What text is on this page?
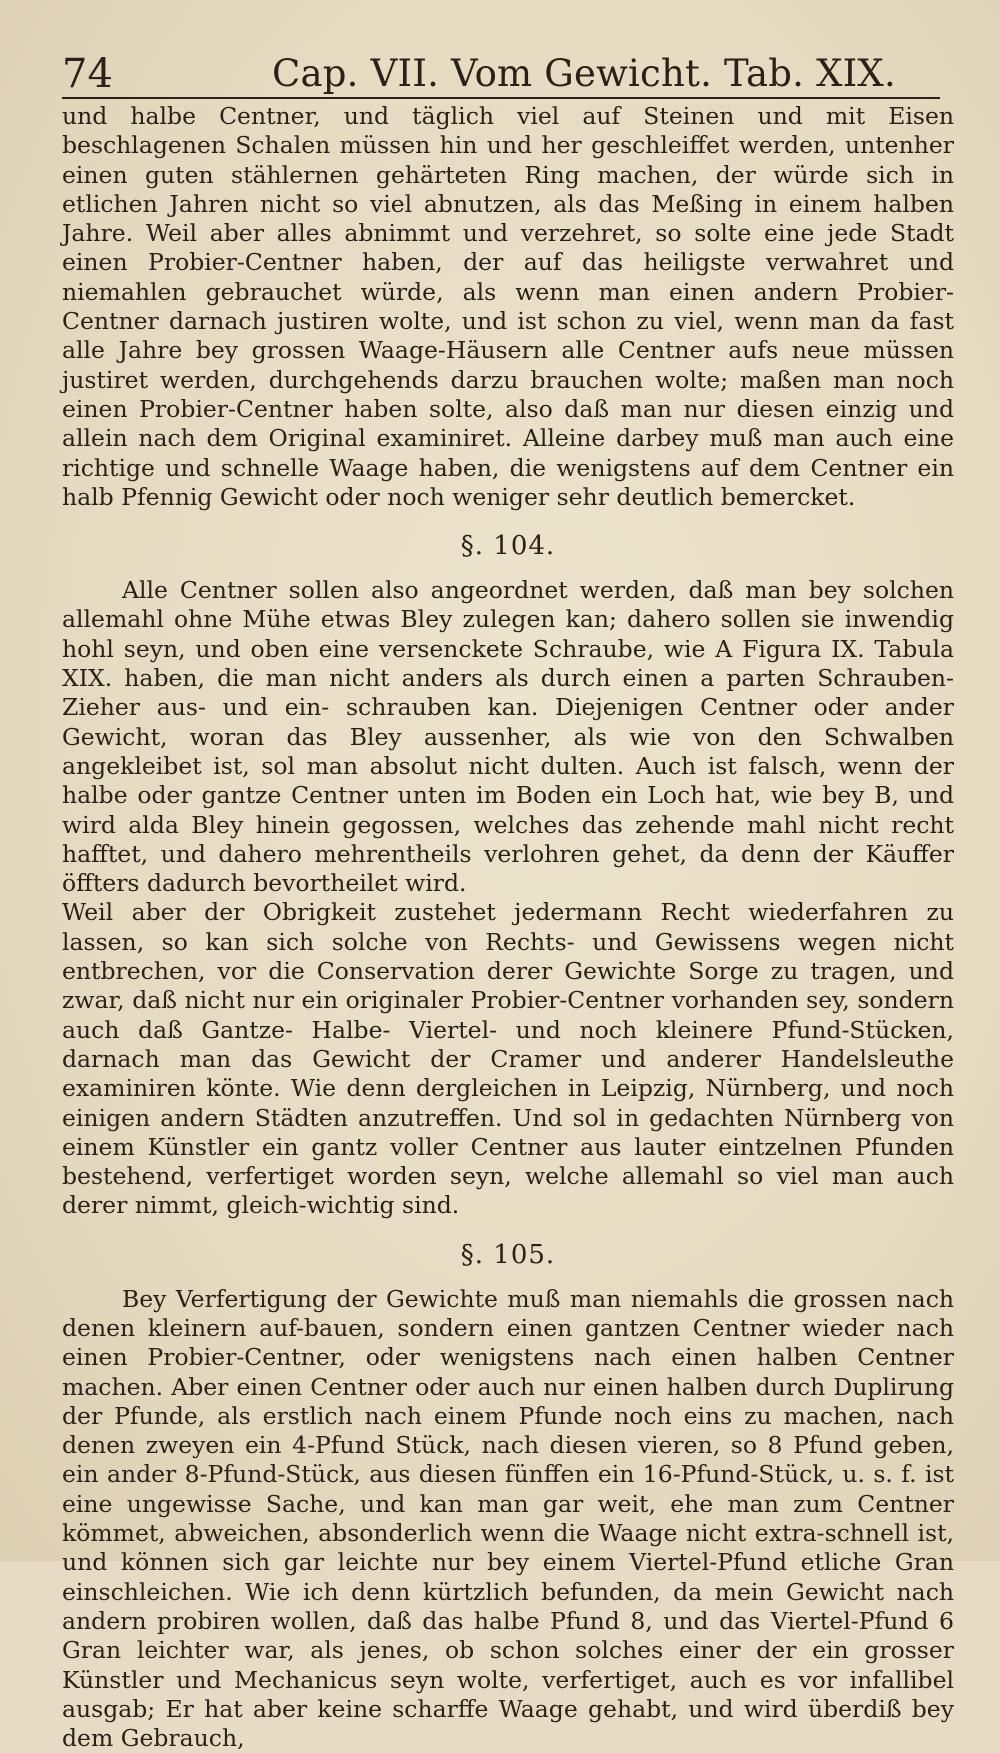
74	Cap. VII. Vom Gewicht. Tab. XIX.

und halbe Centner, und täglich viel auf Steinen und mit Eisen beschlagenen Schalen müssen hin und her geschleiffet werden, untenher einen guten stählernen gehärteten Ring machen, der würde sich in etlichen Jahren nicht so viel abnutzen, als das Meßing in einem halben Jahre. Weil aber alles abnimmt und verzehret, so solte eine jede Stadt einen Probier-Centner haben, der auf das heiligste verwahret und niemahlen gebrauchet würde, als wenn man einen andern Probier-Centner darnach justiren wolte, und ist schon zu viel, wenn man da fast alle Jahre bey grossen Waage-Häusern alle Centner aufs neue müssen justiret werden, durchgehends darzu brauchen wolte; maßen man noch einen Probier-Centner haben solte, also daß man nur diesen einzig und allein nach dem Original examiniret. Alleine darbey muß man auch eine richtige und schnelle Waage haben, die wenigstens auf dem Centner ein halb Pfennig Gewicht oder noch weniger sehr deutlich bemercket.

§. 104.

Alle Centner sollen also angeordnet werden, daß man bey solchen allemahl ohne Mühe etwas Bley zulegen kan; dahero sollen sie inwendig hohl seyn, und oben eine versenckete Schraube, wie A Figura IX. Tabula XIX. haben, die man nicht anders als durch einen a parten Schrauben-Zieher aus- und ein- schrauben kan. Diejenigen Centner oder ander Gewicht, woran das Bley aussenher, als wie von den Schwalben angekleibet ist, sol man absolut nicht dulten. Auch ist falsch, wenn der halbe oder gantze Centner unten im Boden ein Loch hat, wie bey B, und wird alda Bley hinein gegossen, welches das zehende mahl nicht recht hafftet, und dahero mehrentheils verlohren gehet, da denn der Käuffer öffters dadurch bevortheilet wird.

Weil aber der Obrigkeit zustehet jedermann Recht wiederfahren zu lassen, so kan sich solche von Rechts- und Gewissens wegen nicht entbrechen, vor die Conservation derer Gewichte Sorge zu tragen, und zwar, daß nicht nur ein originaler Probier-Centner vorhanden sey, sondern auch daß Gantze- Halbe- Viertel- und noch kleinere Pfund-Stücken, darnach man das Gewicht der Cramer und anderer Handelsleuthe examiniren könte. Wie denn dergleichen in Leipzig, Nürnberg, und noch einigen andern Städten anzutreffen. Und sol in gedachten Nürnberg von einem Künstler ein gantz voller Centner aus lauter eintzelnen Pfunden bestehend, verfertiget worden seyn, welche allemahl so viel man auch derer nimmt, gleich-wichtig sind.

§. 105.

Bey Verfertigung der Gewichte muß man niemahls die grossen nach denen kleinern auf-bauen, sondern einen gantzen Centner wieder nach einen Probier-Centner, oder wenigstens nach einen halben Centner machen. Aber einen Centner oder auch nur einen halben durch Duplirung der Pfunde, als erstlich nach einem Pfunde noch eins zu machen, nach denen zweyen ein 4-Pfund Stück, nach diesen vieren, so 8 Pfund geben, ein ander 8-Pfund-Stück, aus diesen fünffen ein 16-Pfund-Stück, u. s. f. ist eine ungewisse Sache, und kan man gar weit, ehe man zum Centner kömmet, abweichen, absonderlich wenn die Waage nicht extra-schnell ist, und können sich gar leichte nur bey einem Viertel-Pfund etliche Gran einschleichen. Wie ich denn kürtzlich befunden, da mein Gewicht nach andern probiren wollen, daß das halbe Pfund 8, und das Viertel-Pfund 6 Gran leichter war, als jenes, ob schon solches einer der ein grosser Künstler und Mechanicus seyn wolte, verfertiget, auch es vor infallibel ausgab; Er hat aber keine scharffe Waage gehabt, und wird überdiß bey dem Gebrauch,
